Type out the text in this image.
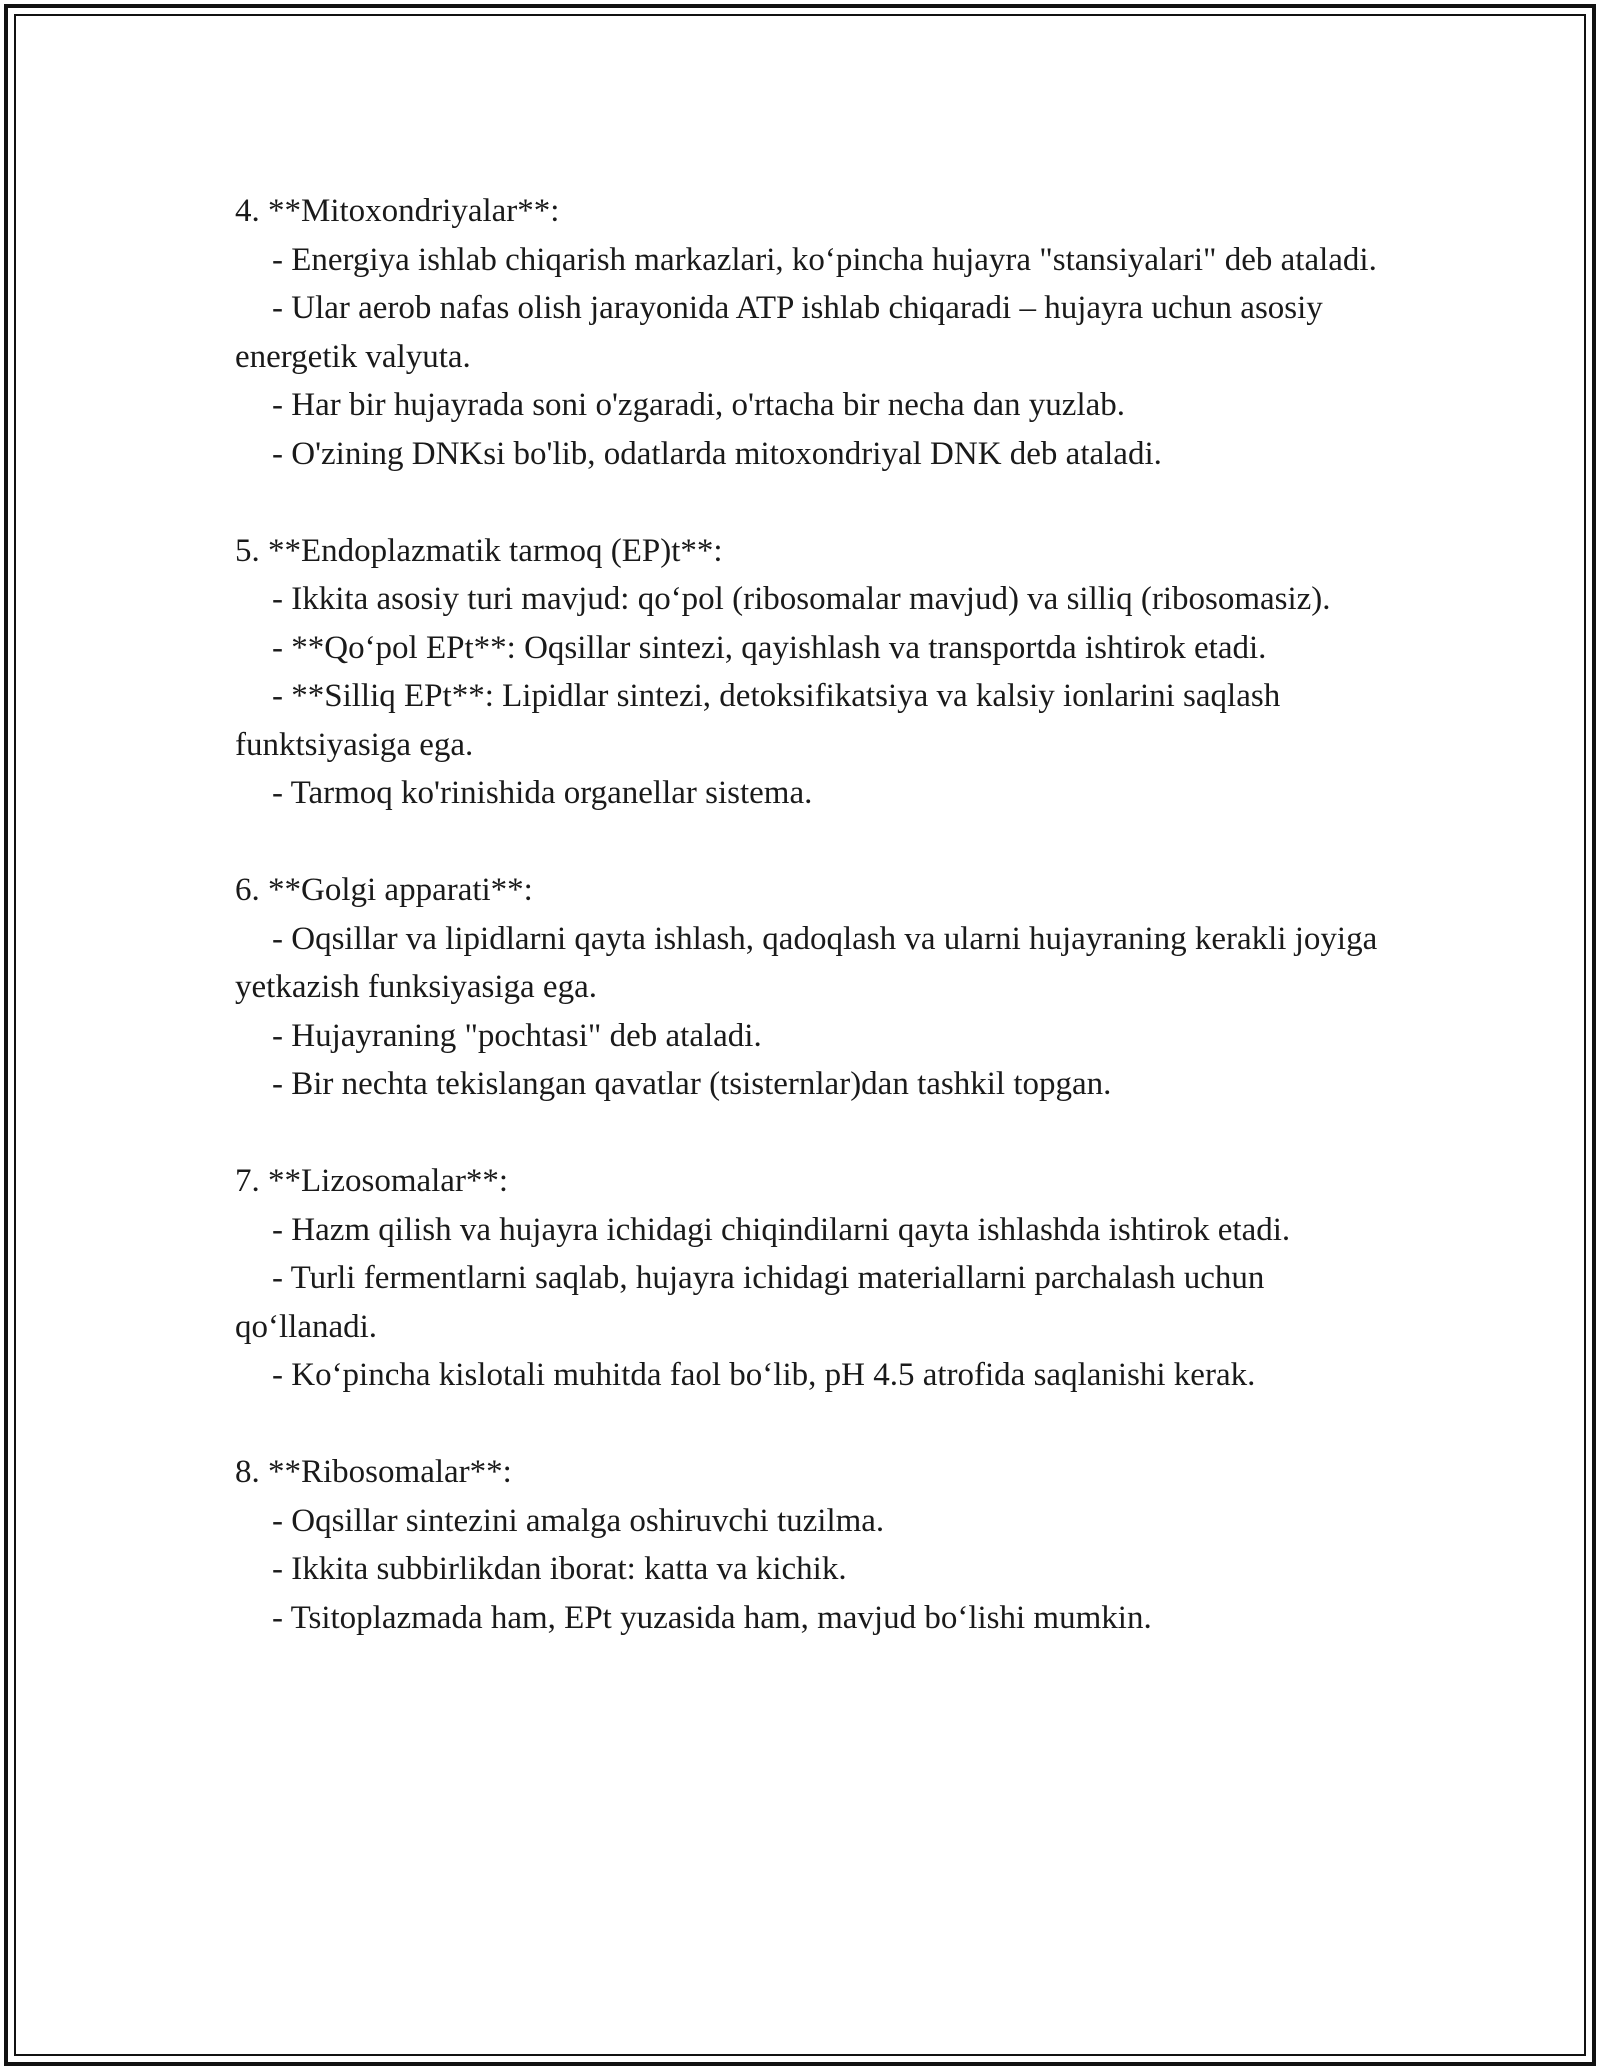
4. **Mitoxondriyalar**:
- Energiya ishlab chiqarish markazlari, ko‘pincha hujayra "stansiyalari" deb ataladi.
- Ular aerob nafas olish jarayonida ATP ishlab chiqaradi – hujayra uchun asosiy energetik valyuta.
- Har bir hujayrada soni o'zgaradi, o'rtacha bir necha dan yuzlab.
- O'zining DNKsi bo'lib, odatlarda mitoxondriyal DNK deb ataladi.
5. **Endoplazmatik tarmoq (EP)t**:
- Ikkita asosiy turi mavjud: qo‘pol (ribosomalar mavjud) va silliq (ribosomasiz).
- **Qo‘pol EPt**: Oqsillar sintezi, qayishlash va transportda ishtirok etadi.
- **Silliq EPt**: Lipidlar sintezi, detoksifikatsiya va kalsiy ionlarini saqlash funktsiyasiga ega.
- Tarmoq ko'rinishida organellar sistema.
6. **Golgi apparati**:
- Oqsillar va lipidlarni qayta ishlash, qadoqlash va ularni hujayraning kerakli joyiga yetkazish funksiyasiga ega.
- Hujayraning "pochtasi" deb ataladi.
- Bir nechta tekislangan qavatlar (tsisternlar)dan tashkil topgan.
7. **Lizosomalar**:
- Hazm qilish va hujayra ichidagi chiqindilarni qayta ishlashda ishtirok etadi.
- Turli fermentlarni saqlab, hujayra ichidagi materiallarni parchalash uchun qo‘llanadi.
- Ko‘pincha kislotali muhitda faol bo‘lib, pH 4.5 atrofida saqlanishi kerak.
8. **Ribosomalar**:
- Oqsillar sintezini amalga oshiruvchi tuzilma.
- Ikkita subbirlikdan iborat: katta va kichik.
- Tsitoplazmada ham, EPt yuzasida ham, mavjud bo‘lishi mumkin.
